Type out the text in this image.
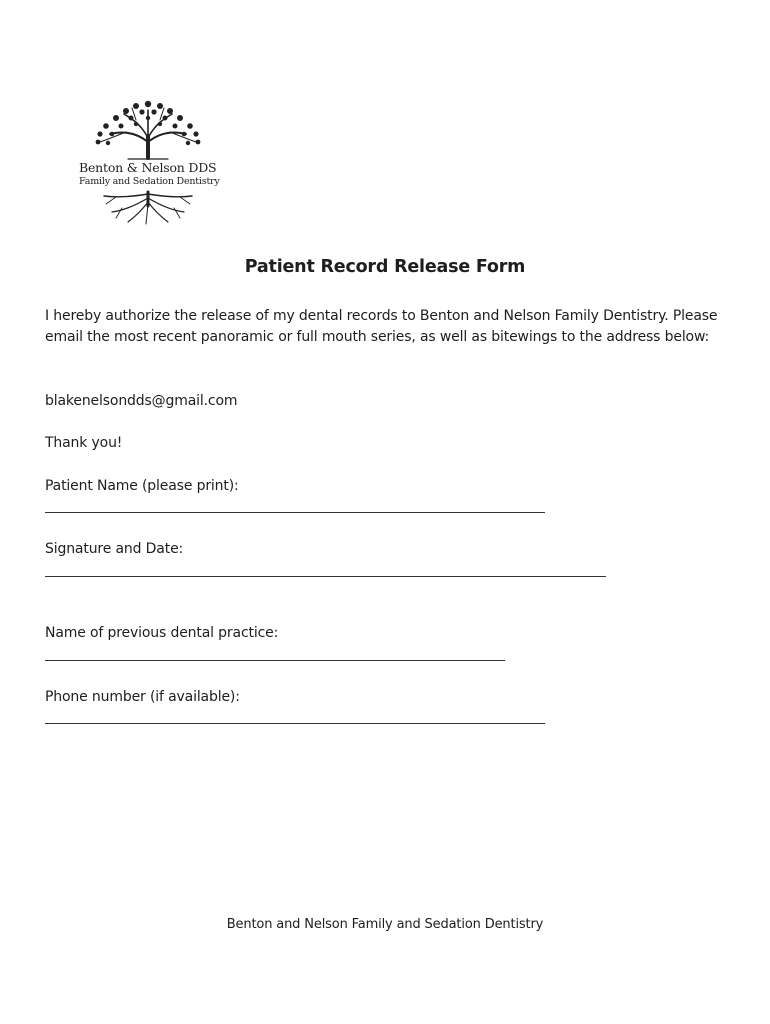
Benton & Nelson DDS
Family and Sedation Dentistry
Patient Record Release Form
I hereby authorize the release of my dental records to Benton and Nelson Family Dentistry. Please email the most recent panoramic or full mouth series, as well as bitewings to the address below:
blakenelsondds@gmail.com
Thank you!
Patient Name (please print):
Signature and Date:
Name of previous dental practice:
Phone number (if available):
Benton and Nelson Family and Sedation Dentistry
